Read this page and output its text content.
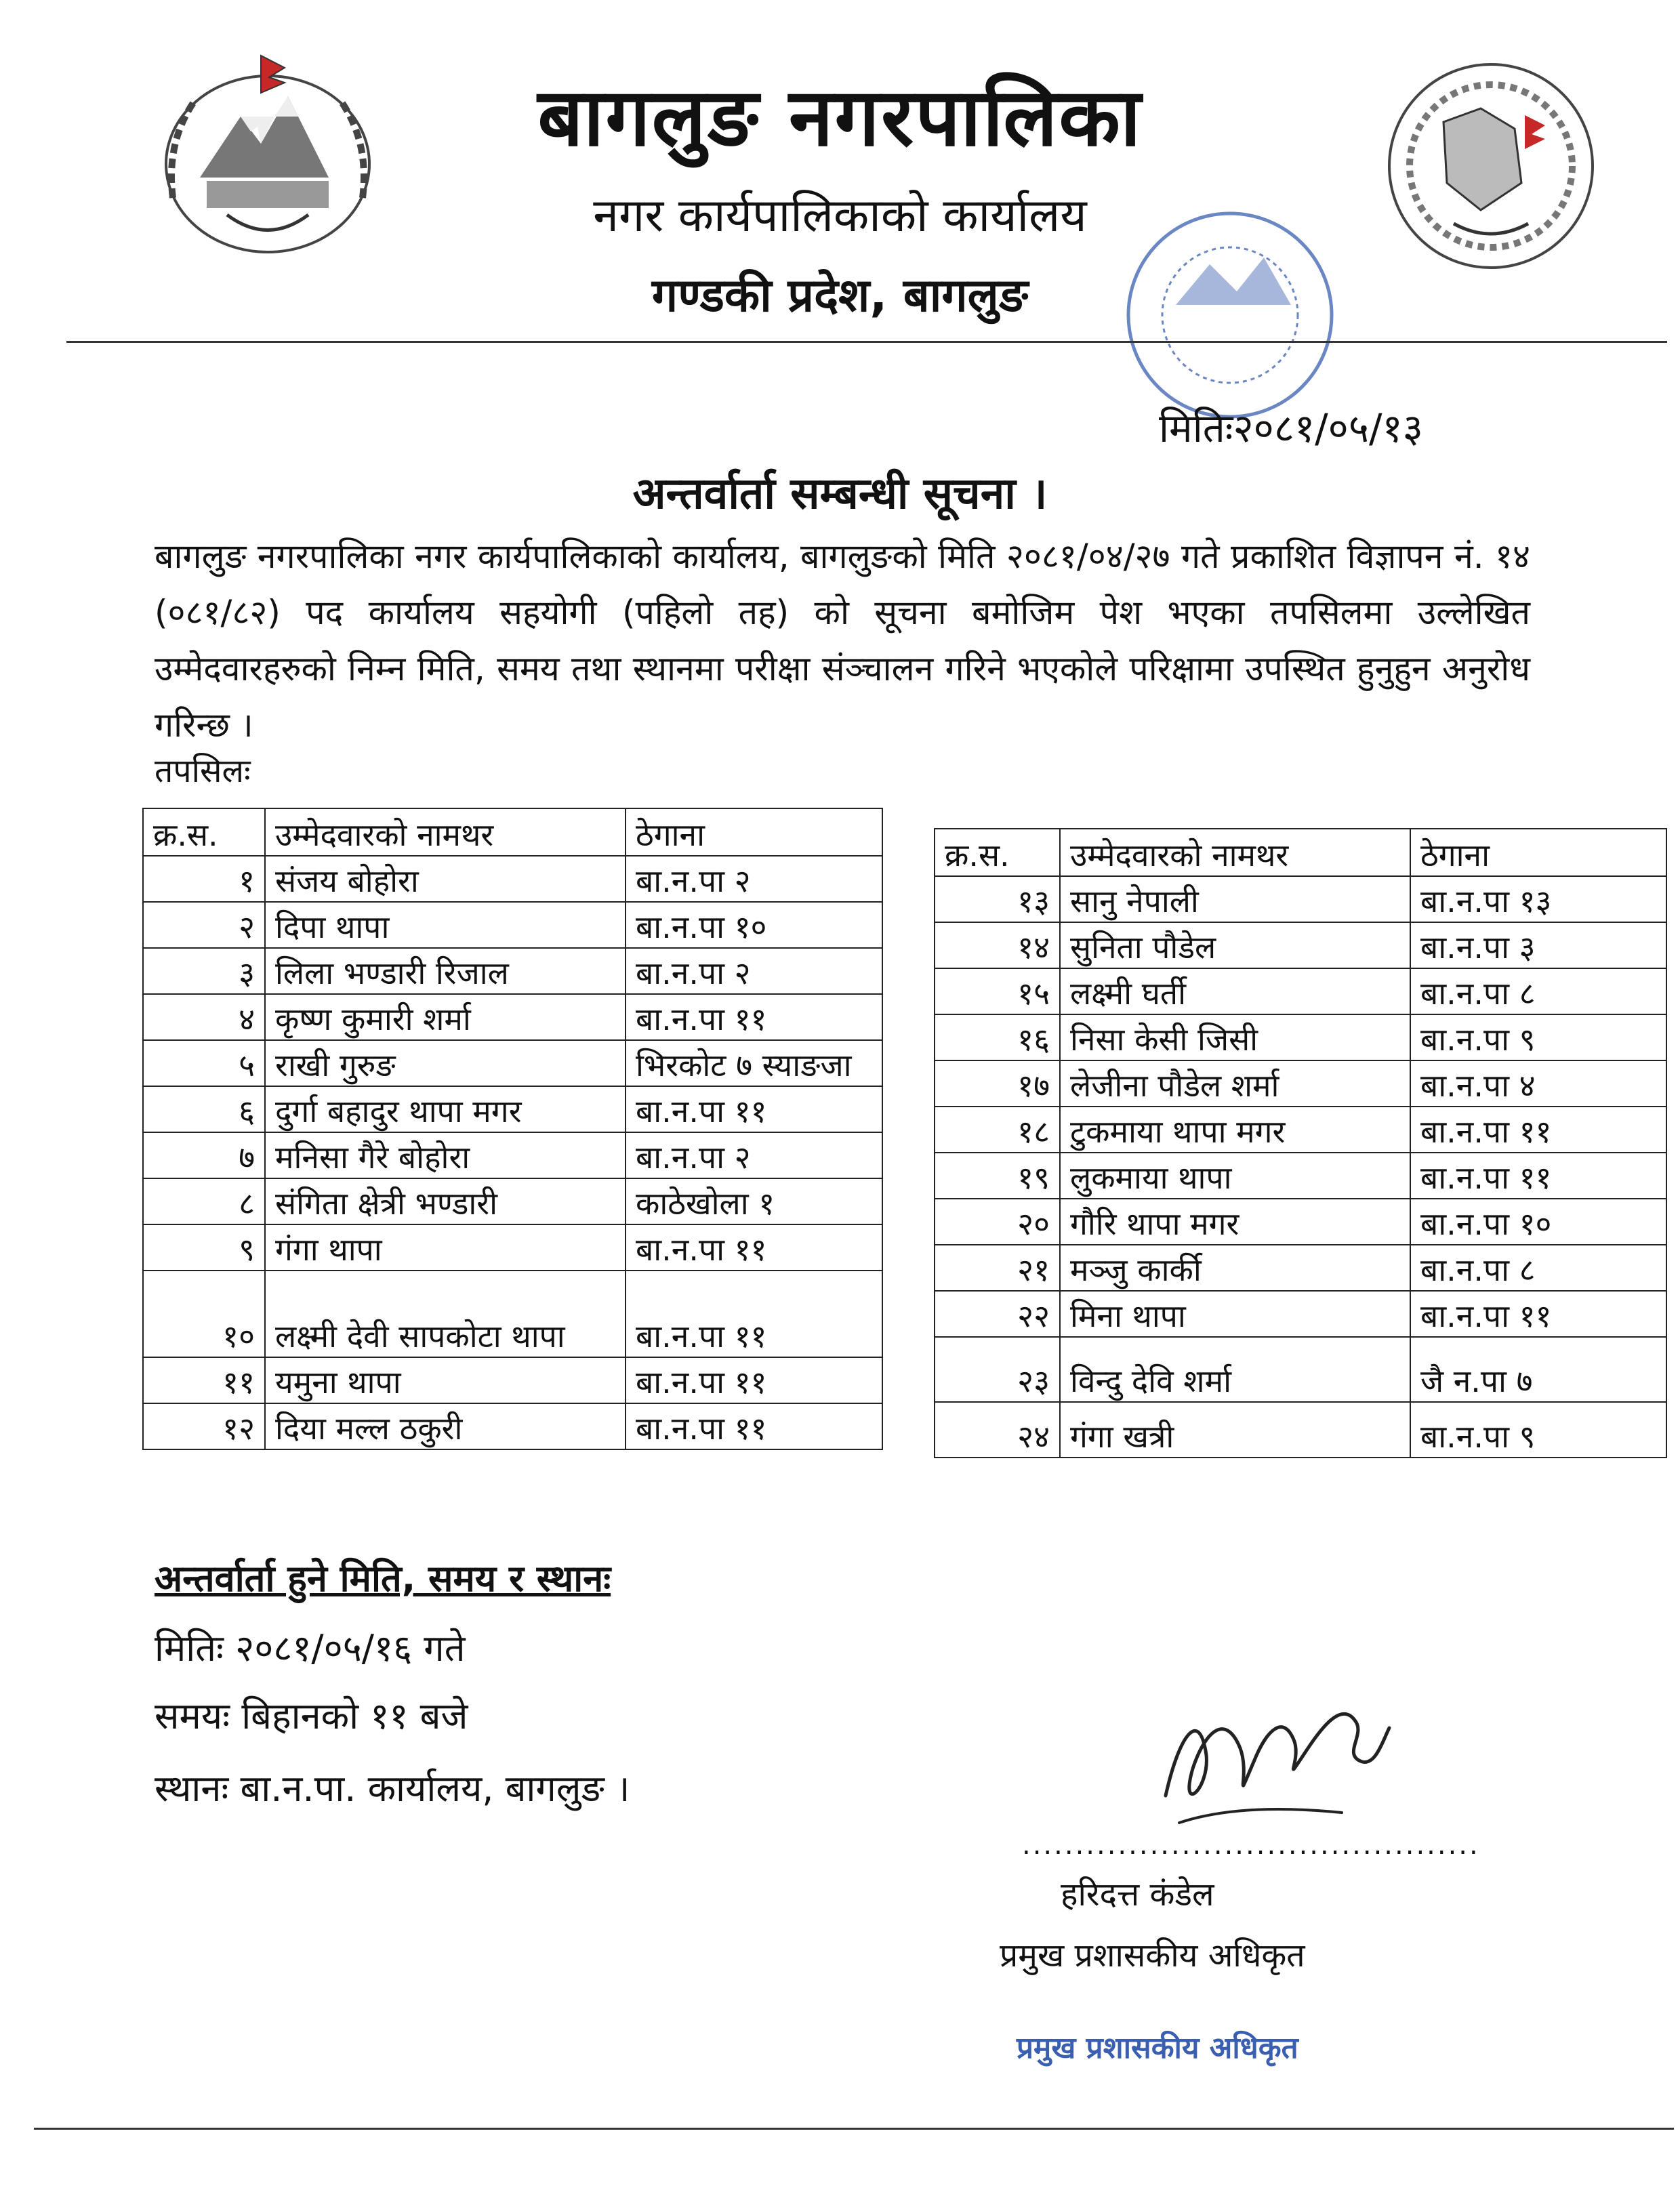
बागलुङ नगरपालिका
नगर कार्यपालिकाको कार्यालय
गण्डकी प्रदेश, बागलुङ
मितिः२०८१/०५/१३
अन्तर्वार्ता सम्बन्धी सूचना ।
बागलुङ नगरपालिका नगर कार्यपालिकाको कार्यालय, बागलुङको मिति २०८१/०४/२७ गते प्रकाशित विज्ञापन नं. १४ (०८१/८२) पद कार्यालय सहयोगी (पहिलो तह) को सूचना बमोजिम पेश भएका तपसिलमा उल्लेखित उम्मेदवारहरुको निम्न मिति, समय तथा स्थानमा परीक्षा संञ्चालन गरिने भएकोले परिक्षामा उपस्थित हुनुहुन अनुरोध गरिन्छ ।
तपसिलः
क्र.स.	उम्मेदवारको नामथर	ठेगाना
१	संजय बोहोरा	बा.न.पा २
२	दिपा थापा	बा.न.पा १०
३	लिला भण्डारी रिजाल	बा.न.पा २
४	कृष्ण कुमारी शर्मा	बा.न.पा ११
५	राखी गुरुङ	भिरकोट ७ स्याङजा
६	दुर्गा बहादुर थापा मगर	बा.न.पा ११
७	मनिसा गैरे बोहोरा	बा.न.पा २
८	संगिता क्षेत्री भण्डारी	काठेखोला १
९	गंगा थापा	बा.न.पा ११
१०	लक्ष्मी देवी सापकोटा थापा	बा.न.पा ११
११	यमुना थापा	बा.न.पा ११
१२	दिया मल्ल ठकुरी	बा.न.पा ११
क्र.स.	उम्मेदवारको नामथर	ठेगाना
१३	सानु नेपाली	बा.न.पा १३
१४	सुनिता पौडेल	बा.न.पा ३
१५	लक्ष्मी घर्ती	बा.न.पा ८
१६	निसा केसी जिसी	बा.न.पा ९
१७	लेजीना पौडेल शर्मा	बा.न.पा ४
१८	टुकमाया थापा मगर	बा.न.पा ११
१९	लुकमाया थापा	बा.न.पा ११
२०	गौरि थापा मगर	बा.न.पा १०
२१	मञ्जु कार्की	बा.न.पा ८
२२	मिना थापा	बा.न.पा ११
२३	विन्दु देवि शर्मा	जै न.पा ७
२४	गंगा खत्री	बा.न.पा ९
अन्तर्वार्ता हुने मिति, समय र स्थानः
मितिः २०८१/०५/१६ गते
समयः बिहानको ११ बजे
स्थानः बा.न.पा. कार्यालय, बागलुङ ।
...........................................
हरिदत्त कंडेल
प्रमुख प्रशासकीय अधिकृत
प्रमुख प्रशासकीय अधिकृत
